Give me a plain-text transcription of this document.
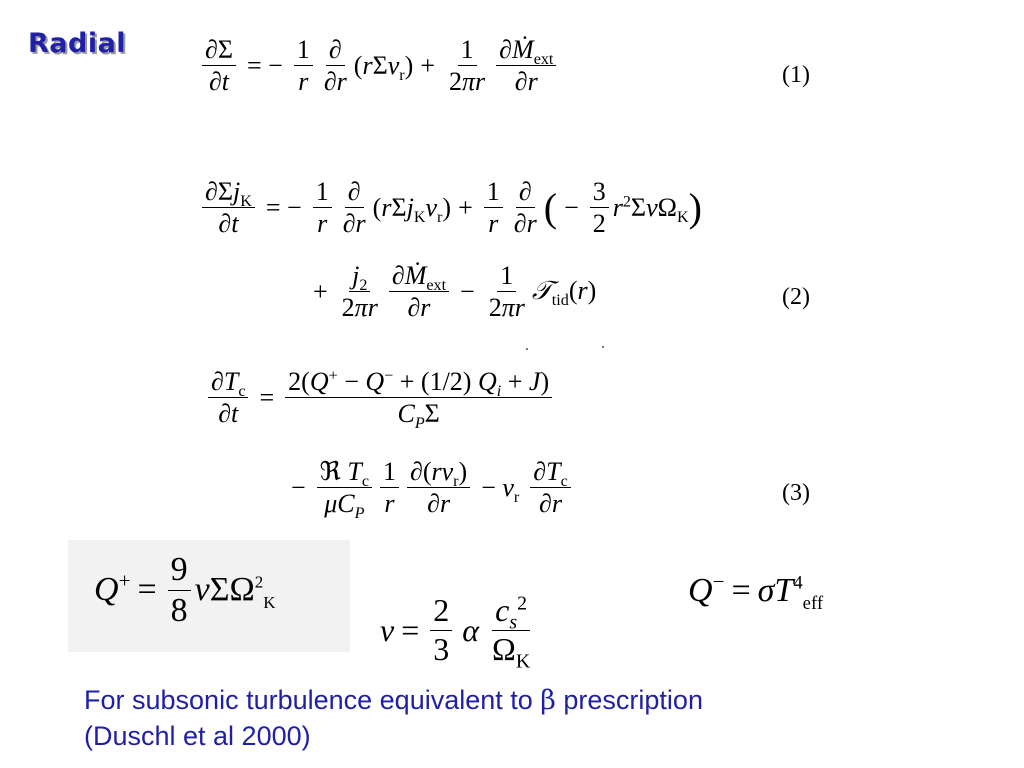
Radial	$\frac{\partial\Sigma}{\partial t}$ = − $\frac{1}{r} \frac{\partial}{\partial r} (r\Sigma v_r) + \frac{1}{2\pi r} \frac{\partial Ṁ_{ext}}{\partial r}$	(1)
$\frac{\partial\Sigma j_K}{\partial t}$ = − $\frac{1}{r} \frac{\partial}{\partial r} (r\Sigma j_Kv_r) + \frac{1}{r} \frac{\partial}{\partial r}$ ( − $\frac{3}{2} r^2\Sigma\nu\Omega_K$ )
+ $\frac{j_2}{2\pi r} \frac{\partial Ṁ_{ext}}{\partial r} - \frac{1}{2\pi r}$ 𝒯$_{tid}$(r)	(2)
$\frac{\partial T_c}{\partial t} = \frac{2(Q^+ - Q^- + (1/2) Q_i + J)}{C_P\Sigma}$
− $\frac{ℜ T_c}{\mu C_P} \frac{1}{r} \frac{\partial(rv_r)}{\partial r} - v_r \frac{\partial T_c}{\partial r}$	(3)
$Q^+ = \frac{9}{8} \nu\Sigma\Omega^2_K$
$\nu = \frac{2}{3}$ α $\frac{c_s^2}{\Omega_K}$
$Q^- = \sigma T^4_{eff}$
For subsonic turbulence equivalent to β prescription
(Duschl et al 2000)
